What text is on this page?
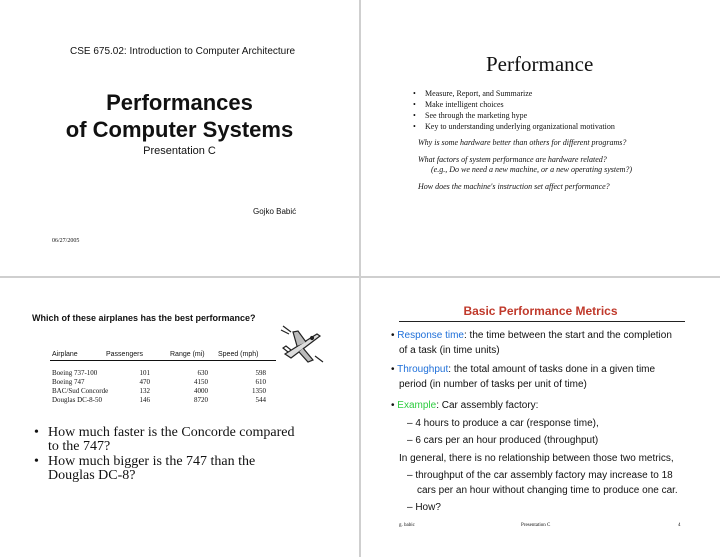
CSE 675.02: Introduction to Computer Architecture
Performances
of Computer Systems
Presentation C
Gojko Babić
06/27/2005
Performance
• Measure, Report, and Summarize
• Make intelligent choices
• See through the marketing hype
• Key to understanding underlying organizational motivation
Why is some hardware better than others for different programs?
What factors of system performance are hardware related?
(e.g., Do we need a new machine, or a new operating system?)
How does the machine's instruction set affect performance?
Which of these airplanes has the best performance?
Airplane	Passengers	Range (mi) Speed (mph)
Boeing 737-100	101	630	598
Boeing 747	470	4150	610
BAC/Sud Concorde	132	4000	1350
Douglas DC-8-50	146	8720	544
• How much faster is the Concorde compared
to the 747?
• How much bigger is the 747 than the
Douglas DC-8?
Basic Performance Metrics
• Response time: the time between the start and the completion
of a task (in time units)
• Throughput: the total amount of tasks done in a given time
period (in number of tasks per unit of time)
• Example: Car assembly factory:
– 4 hours to produce a car (response time),
– 6 cars per an hour produced (throughput)
In general, there is no relationship between those two metrics,
– throughput of the car assembly factory may increase to 18
cars per an hour without changing time to produce one car.
– How?
g. babic	Presentation C	4
